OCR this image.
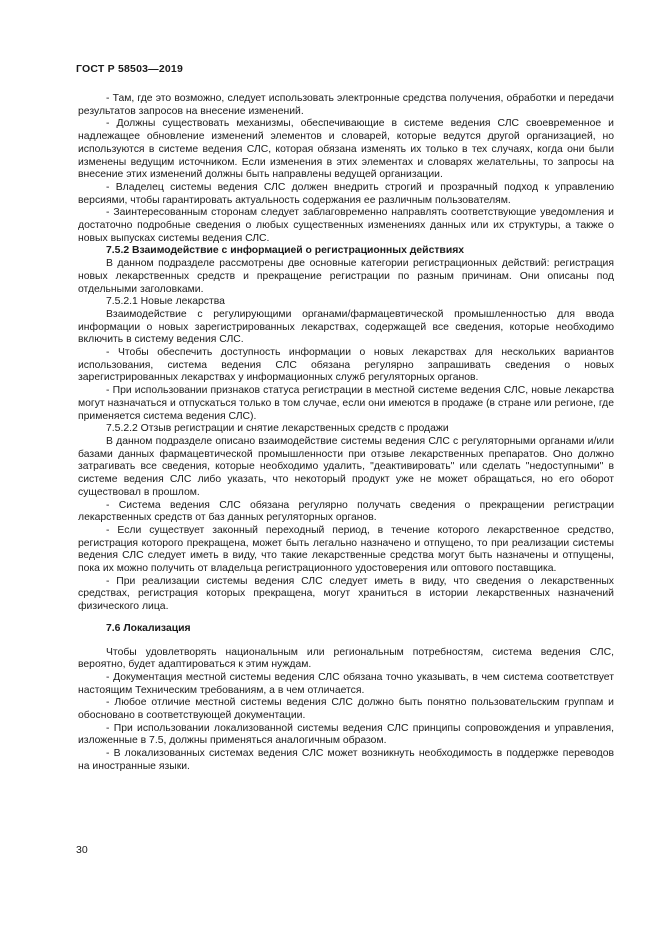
ГОСТ Р 58503—2019

- Там, где это возможно, следует использовать электронные средства получения, обработки и передачи результатов запросов на внесение изменений.

- Должны существовать механизмы, обеспечивающие в системе ведения СЛС своевременное и надлежащее обновление изменений элементов и словарей, которые ведутся другой организацией, но используются в системе ведения СЛС, которая обязана изменять их только в тех случаях, когда они были изменены ведущим источником. Если изменения в этих элементах и словарях желательны, то запросы на внесение этих изменений должны быть направлены ведущей организации.

- Владелец системы ведения СЛС должен внедрить строгий и прозрачный подход к управлению версиями, чтобы гарантировать актуальность содержания ее различным пользователям.

- Заинтересованным сторонам следует заблаговременно направлять соответствующие уведомления и достаточно подробные сведения о любых существенных изменениях данных или их структуры, а также о новых выпусках системы ведения СЛС.

7.5.2 Взаимодействие с информацией о регистрационных действиях

В данном подразделе рассмотрены две основные категории регистрационных действий: регистрация новых лекарственных средств и прекращение регистрации по разным причинам. Они описаны под отдельными заголовками.

7.5.2.1 Новые лекарства

Взаимодействие с регулирующими органами/фармацевтической промышленностью для ввода информации о новых зарегистрированных лекарствах, содержащей все сведения, которые необходимо включить в систему ведения СЛС.

- Чтобы обеспечить доступность информации о новых лекарствах для нескольких вариантов использования, система ведения СЛС обязана регулярно запрашивать сведения о новых зарегистрированных лекарствах у информационных служб регуляторных органов.

- При использовании признаков статуса регистрации в местной системе ведения СЛС, новые лекарства могут назначаться и отпускаться только в том случае, если они имеются в продаже (в стране или регионе, где применяется система ведения СЛС).

7.5.2.2 Отзыв регистрации и снятие лекарственных средств с продажи

В данном подразделе описано взаимодействие системы ведения СЛС с регуляторными органами и/или базами данных фармацевтической промышленности при отзыве лекарственных препаратов. Оно должно затрагивать все сведения, которые необходимо удалить, "деактивировать" или сделать "недоступными" в системе ведения СЛС либо указать, что некоторый продукт уже не может обращаться, но его оборот существовал в прошлом.

- Система ведения СЛС обязана регулярно получать сведения о прекращении регистрации лекарственных средств от баз данных регуляторных органов.

- Если существует законный переходный период, в течение которого лекарственное средство, регистрация которого прекращена, может быть легально назначено и отпущено, то при реализации системы ведения СЛС следует иметь в виду, что такие лекарственные средства могут быть назначены и отпущены, пока их можно получить от владельца регистрационного удостоверения или оптового поставщика.

- При реализации системы ведения СЛС следует иметь в виду, что сведения о лекарственных средствах, регистрация которых прекращена, могут храниться в истории лекарственных назначений физического лица.

7.6 Локализация

Чтобы удовлетворять национальным или региональным потребностям, система ведения СЛС, вероятно, будет адаптироваться к этим нуждам.

- Документация местной системы ведения СЛС обязана точно указывать, в чем система соответствует настоящим Техническим требованиям, а в чем отличается.

- Любое отличие местной системы ведения СЛС должно быть понятно пользовательским группам и обосновано в соответствующей документации.

- При использовании локализованной системы ведения СЛС принципы сопровождения и управления, изложенные в 7.5, должны применяться аналогичным образом.

- В локализованных системах ведения СЛС может возникнуть необходимость в поддержке переводов на иностранные языки.

30
